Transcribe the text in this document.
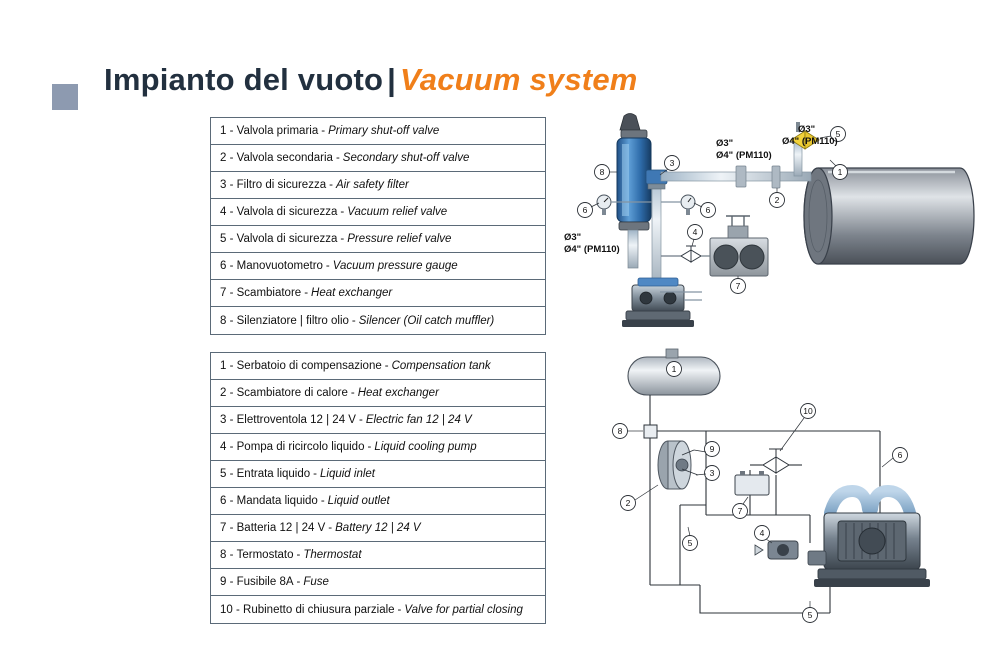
Impianto del vuoto | Vacuum system
1 -
Valvola primaria - Primary shut-off valve
2 -
Valvola secondaria - Secondary shut-off valve
3 -
Filtro di sicurezza - Air safety filter
4 -
Valvola di sicurezza - Vacuum relief valve
5 -
Valvola di sicurezza - Pressure relief valve
6 -
Manovuotometro - Vacuum pressure gauge
7 -
Scambiatore - Heat exchanger
8 -
Silenziatore | filtro olio - Silencer (Oil catch muffler)
1 -
Serbatoio di compensazione - Compensation tank
2 -
Scambiatore di calore - Heat exchanger
3 -
Elettroventola 12 | 24 V - Electric fan 12 | 24 V
4 -
Pompa di ricircolo liquido - Liquid cooling pump
5 -
Entrata liquido - Liquid inlet
6 -
Mandata liquido - Liquid outlet
7 -
Batteria 12 | 24 V - Battery 12 | 24 V
8 -
Termostato - Thermostat
9 -
Fusibile 8A - Fuse
10 -
Rubinetto di chiusura parziale - Valve for partial closing
8
6
3
6
4
7
2
1
5
Ø3"
Ø4" (PM110)
Ø3"
Ø4" (PM110)
Ø3"
Ø4" (PM110)
1
8
9
3
2
10
6
7
5
4
5
